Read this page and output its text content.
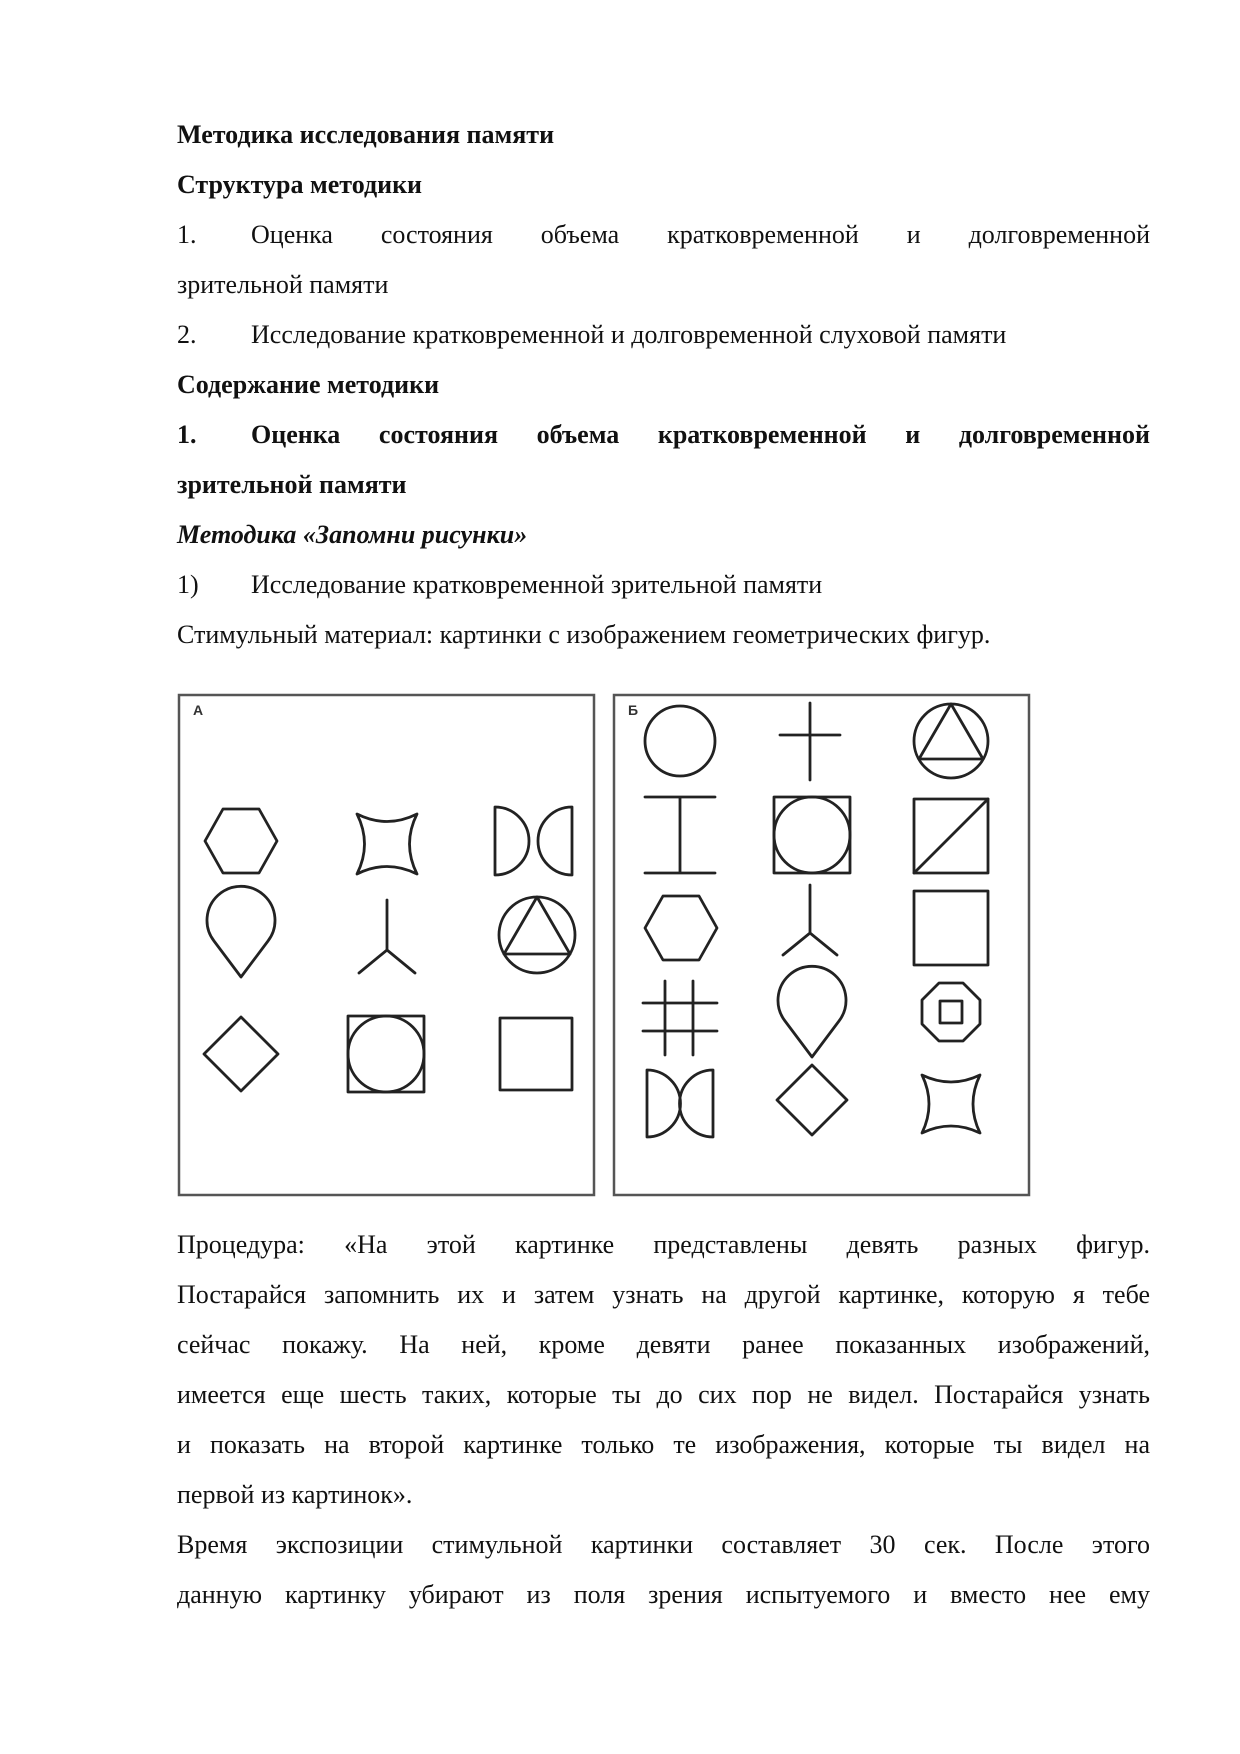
Методика исследования памяти
Структура методики
1. Оценка состояния объема кратковременной и долговременной
зрительной памяти
2. Исследование кратковременной и долговременной слуховой памяти
Содержание методики
1. Оценка состояния объема кратковременной и долговременной
зрительной памяти
Методика «Запомни рисунки»
1) Исследование кратковременной зрительной памяти
Стимульный материал: картинки с изображением геометрических фигур.
А	Б
Процедура: «На этой картинке представлены девять разных фигур.
Постарайся запомнить их и затем узнать на другой картинке, которую я тебе
сейчас покажу. На ней, кроме девяти ранее показанных изображений,
имеется еще шесть таких, которые ты до сих пор не видел. Постарайся узнать
и показать на второй картинке только те изображения, которые ты видел на
первой из картинок».
Время экспозиции стимульной картинки составляет 30 сек. После этого
данную картинку убирают из поля зрения испытуемого и вместо нее ему
